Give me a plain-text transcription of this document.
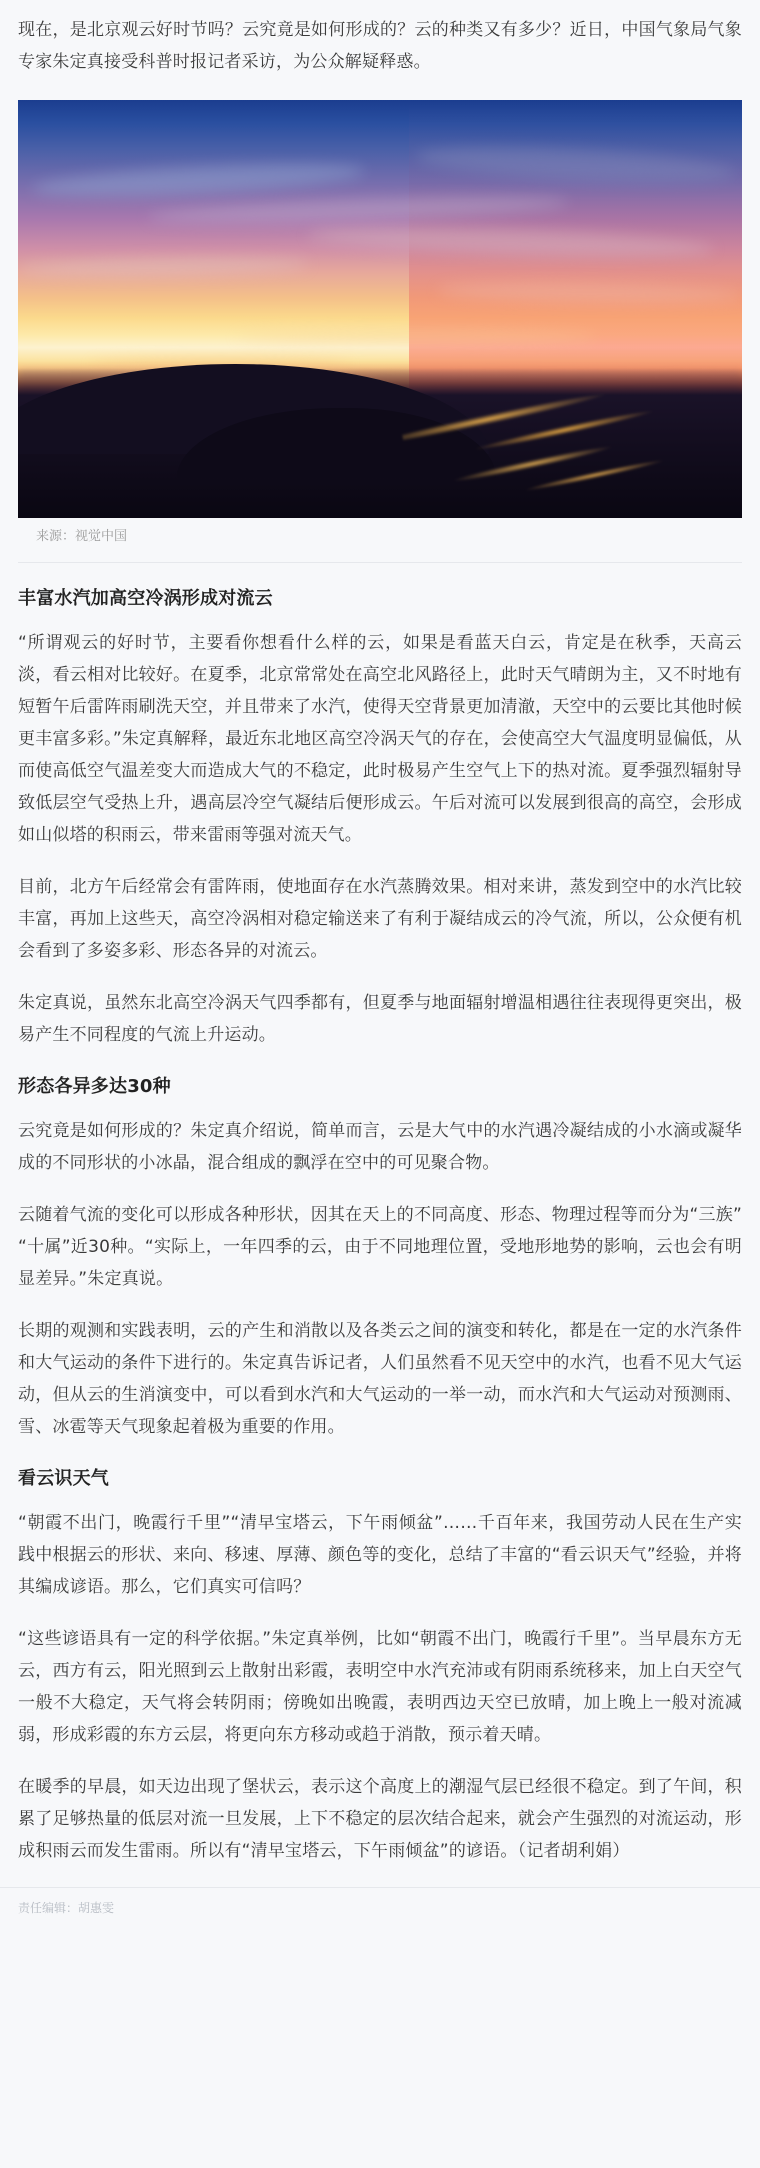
现在，是北京观云好时节吗？云究竟是如何形成的？云的种类又有多少？近日，中国气象局气象专家朱定真接受科普时报记者采访，为公众解疑释惑。

来源：视觉中国
丰富水汽加高空冷涡形成对流云

“所谓观云的好时节，主要看你想看什么样的云，如果是看蓝天白云，肯定是在秋季，天高云淡，看云相对比较好。在夏季，北京常常处在高空北风路径上，此时天气晴朗为主，又不时地有短暂午后雷阵雨刷洗天空，并且带来了水汽，使得天空背景更加清澈，天空中的云要比其他时候更丰富多彩。”朱定真解释，最近东北地区高空冷涡天气的存在，会使高空大气温度明显偏低，从而使高低空气温差变大而造成大气的不稳定，此时极易产生空气上下的热对流。夏季强烈辐射导致低层空气受热上升，遇高层冷空气凝结后便形成云。午后对流可以发展到很高的高空，会形成如山似塔的积雨云，带来雷雨等强对流天气。

目前，北方午后经常会有雷阵雨，使地面存在水汽蒸腾效果。相对来讲，蒸发到空中的水汽比较丰富，再加上这些天，高空冷涡相对稳定输送来了有利于凝结成云的冷气流，所以，公众便有机会看到了多姿多彩、形态各异的对流云。

朱定真说，虽然东北高空冷涡天气四季都有，但夏季与地面辐射增温相遇往往表现得更突出，极易产生不同程度的气流上升运动。

形态各异多达30种

云究竟是如何形成的？朱定真介绍说，简单而言，云是大气中的水汽遇冷凝结成的小水滴或凝华成的不同形状的小冰晶，混合组成的飘浮在空中的可见聚合物。

云随着气流的变化可以形成各种形状，因其在天上的不同高度、形态、物理过程等而分为“三族”“十属”近30种。“实际上，一年四季的云，由于不同地理位置，受地形地势的影响，云也会有明显差异。”朱定真说。

长期的观测和实践表明，云的产生和消散以及各类云之间的演变和转化，都是在一定的水汽条件和大气运动的条件下进行的。朱定真告诉记者，人们虽然看不见天空中的水汽，也看不见大气运动，但从云的生消演变中，可以看到水汽和大气运动的一举一动，而水汽和大气运动对预测雨、雪、冰雹等天气现象起着极为重要的作用。

看云识天气

“朝霞不出门，晚霞行千里”“清早宝塔云，下午雨倾盆”……千百年来，我国劳动人民在生产实践中根据云的形状、来向、移速、厚薄、颜色等的变化，总结了丰富的“看云识天气”经验，并将其编成谚语。那么，它们真实可信吗？

“这些谚语具有一定的科学依据。”朱定真举例，比如“朝霞不出门，晚霞行千里”。当早晨东方无云，西方有云，阳光照到云上散射出彩霞，表明空中水汽充沛或有阴雨系统移来，加上白天空气一般不大稳定，天气将会转阴雨；傍晚如出晚霞，表明西边天空已放晴，加上晚上一般对流减弱，形成彩霞的东方云层，将更向东方移动或趋于消散，预示着天晴。

在暖季的早晨，如天边出现了堡状云，表示这个高度上的潮湿气层已经很不稳定。到了午间，积累了足够热量的低层对流一旦发展，上下不稳定的层次结合起来，就会产生强烈的对流运动，形成积雨云而发生雷雨。所以有“清早宝塔云，下午雨倾盆”的谚语。（记者胡利娟）

责任编辑：胡惠雯
